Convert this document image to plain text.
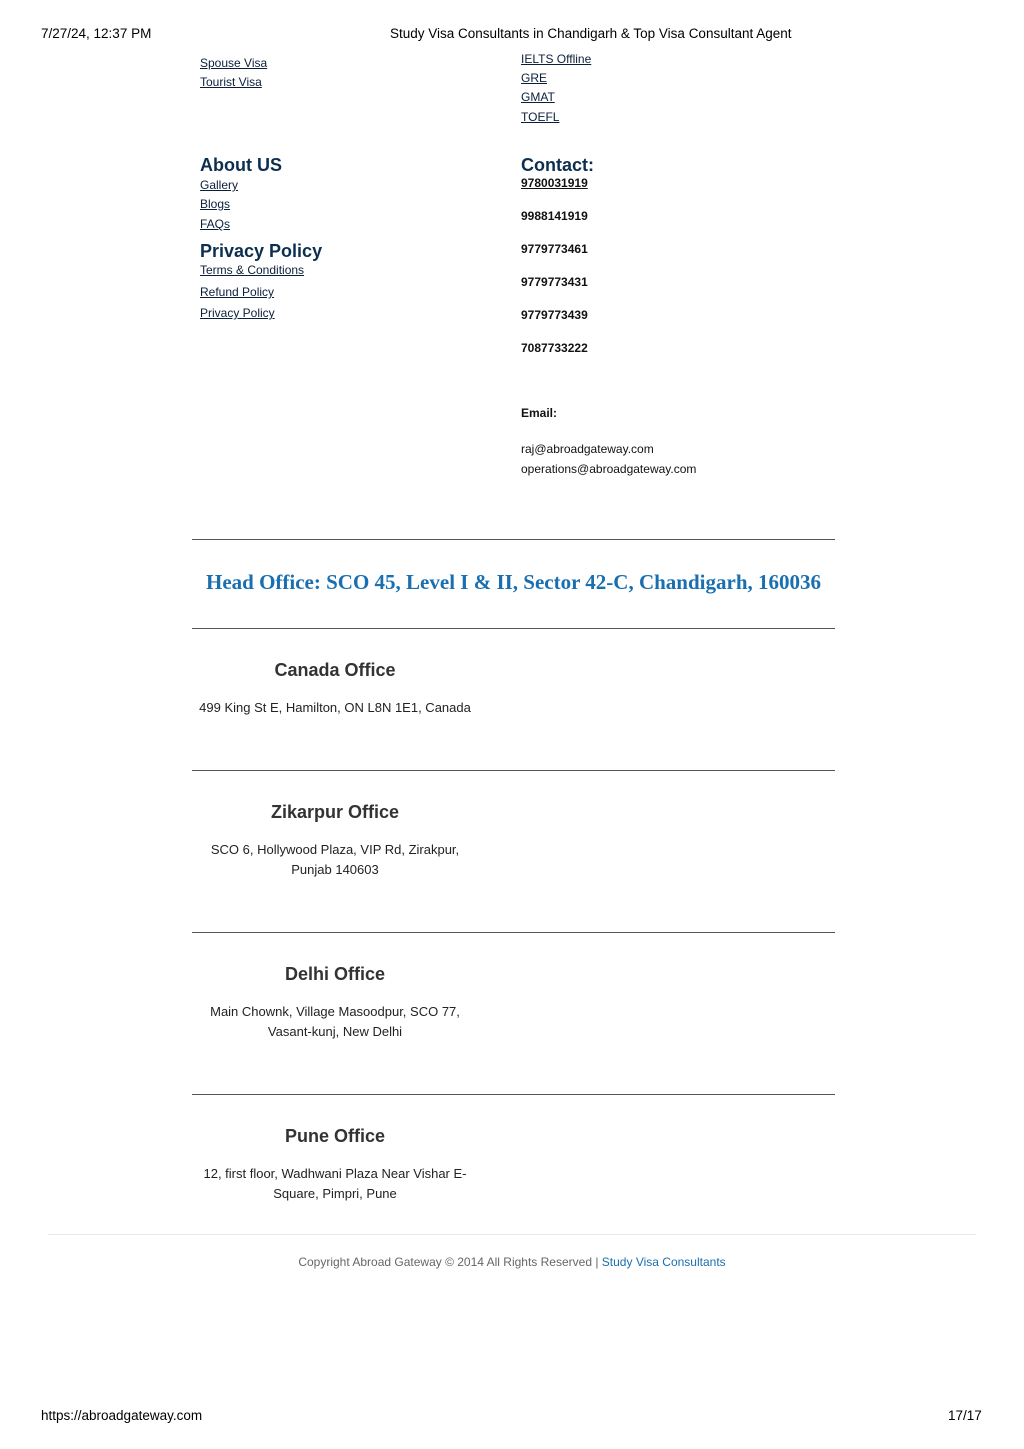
7/27/24, 12:37 PM	Study Visa Consultants in Chandigarh & Top Visa Consultant Agent
Spouse Visa
Tourist Visa
IELTS Offline
GRE
GMAT
TOEFL
About US
Gallery
Blogs
FAQs
Privacy Policy
Terms & Conditions
Refund Policy
Privacy Policy
Contact:
9780031919
9988141919
9779773461
9779773431
9779773439
7087733222
Email:
raj@abroadgateway.com
operations@abroadgateway.com
Head Office: SCO 45, Level I & II, Sector 42-C, Chandigarh, 160036
Canada Office
499 King St E, Hamilton, ON L8N 1E1, Canada
Zikarpur Office
SCO 6, Hollywood Plaza, VIP Rd, Zirakpur, Punjab 140603
Delhi Office
Main Chownk, Village Masoodpur, SCO 77, Vasant-kunj, New Delhi
Pune Office
12, first floor, Wadhwani Plaza Near Vishar E-Square, Pimpri, Pune
Copyright Abroad Gateway © 2014 All Rights Reserved | Study Visa Consultants
https://abroadgateway.com	17/17
